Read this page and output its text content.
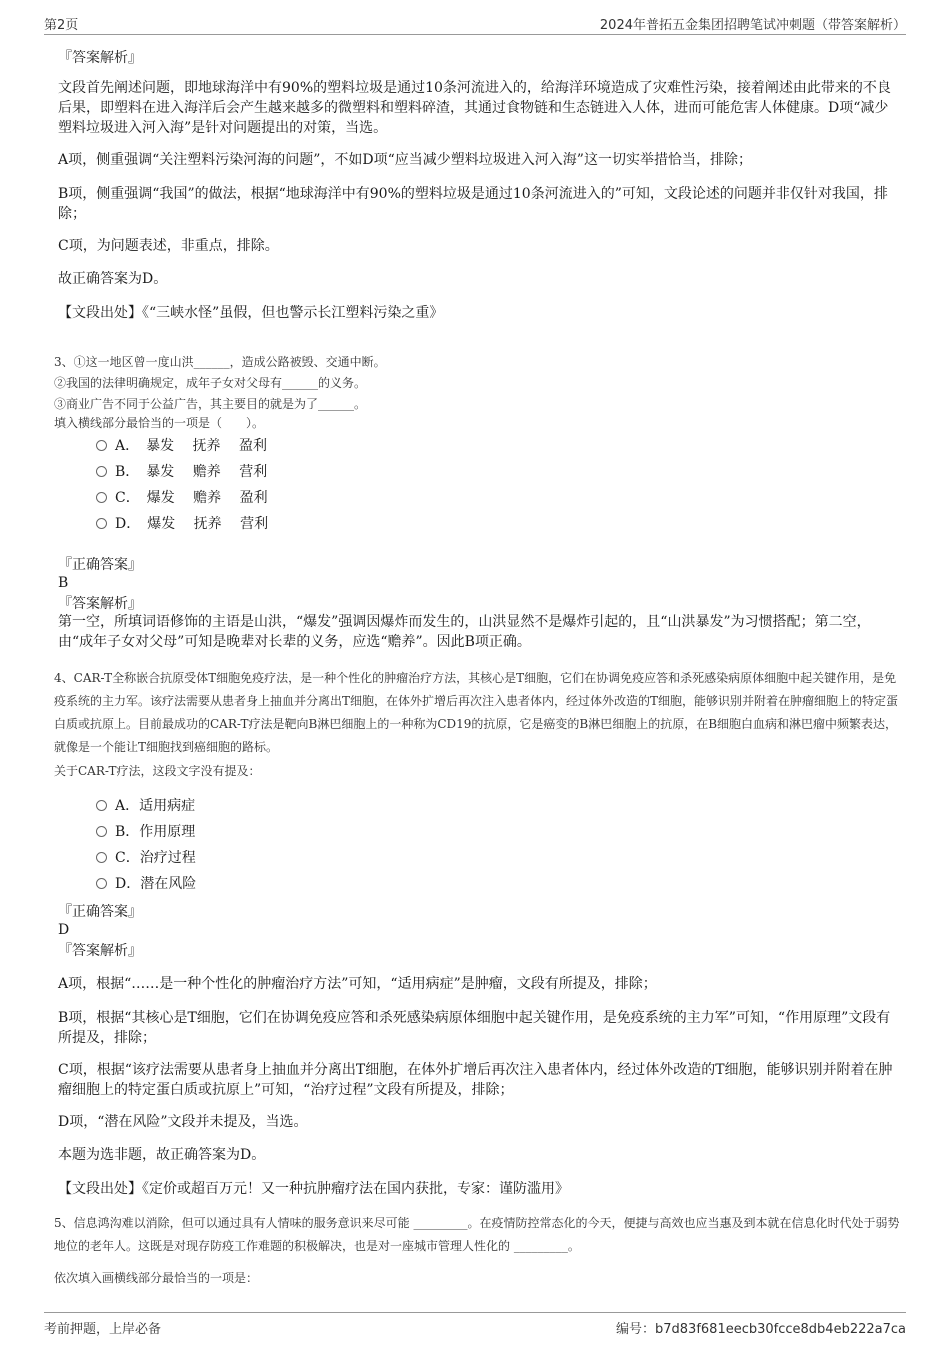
第2页	2024年普拓五金集团招聘笔试冲刺题（带答案解析）

『答案解析』

文段首先阐述问题，即地球海洋中有90%的塑料垃圾是通过10条河流进入的，给海洋环境造成了灾难性污染，接着阐述由此带来的不良后果，即塑料在进入海洋后会产生越来越多的微塑料和塑料碎渣，其通过食物链和生态链进入人体，进而可能危害人体健康。D项“减少塑料垃圾进入河入海”是针对问题提出的对策，当选。

A项，侧重强调“关注塑料污染河海的问题”，不如D项“应当减少塑料垃圾进入河入海”这一切实举措恰当，排除；

B项，侧重强调“我国”的做法，根据“地球海洋中有90%的塑料垃圾是通过10条河流进入的”可知，文段论述的问题并非仅针对我国，排除；

C项，为问题表述，非重点，排除。

故正确答案为D。

【文段出处】《“三峡水怪”虽假，但也警示长江塑料污染之重》

3、①这一地区曾一度山洪______，造成公路被毁、交通中断。

②我国的法律明确规定，成年子女对父母有______的义务。

③商业广告不同于公益广告，其主要目的就是为了______。

填入横线部分最恰当的一项是（　　）。

A．　暴发　 抚养　 盈利
B．　暴发　 赡养　 营利
C．　爆发　 赡养　 盈利
D．　爆发　 抚养　 营利

『正确答案』

B

『答案解析』

第一空，所填词语修饰的主语是山洪，“爆发”强调因爆炸而发生的，山洪显然不是爆炸引起的，且“山洪暴发”为习惯搭配；第二空，由“成年子女对父母”可知是晚辈对长辈的义务，应选“赡养”。因此B项正确。

4、CAR-T全称嵌合抗原受体T细胞免疫疗法，是一种个性化的肿瘤治疗方法，其核心是T细胞，它们在协调免疫应答和杀死感染病原体细胞中起关键作用，是免疫系统的主力军。该疗法需要从患者身上抽血并分离出T细胞，在体外扩增后再次注入患者体内，经过体外改造的T细胞，能够识别并附着在肿瘤细胞上的特定蛋白质或抗原上。目前最成功的CAR-T疗法是靶向B淋巴细胞上的一种称为CD19的抗原，它是癌变的B淋巴细胞上的抗原，在B细胞白血病和淋巴瘤中频繁表达，就像是一个能让T细胞找到癌细胞的路标。

关于CAR-T疗法，这段文字没有提及：

A．适用病症
B．作用原理
C．治疗过程
D．潜在风险

『正确答案』

D

『答案解析』

A项，根据“……是一种个性化的肿瘤治疗方法”可知，“适用病症”是肿瘤，文段有所提及，排除；

B项，根据“其核心是T细胞，它们在协调免疫应答和杀死感染病原体细胞中起关键作用，是免疫系统的主力军”可知，“作用原理”文段有所提及，排除；

C项，根据“该疗法需要从患者身上抽血并分离出T细胞，在体外扩增后再次注入患者体内，经过体外改造的T细胞，能够识别并附着在肿瘤细胞上的特定蛋白质或抗原上”可知，“治疗过程”文段有所提及，排除；

D项，“潜在风险”文段并未提及，当选。

本题为选非题，故正确答案为D。

【文段出处】《定价或超百万元！又一种抗肿瘤疗法在国内获批，专家：谨防滥用》

5、信息鸿沟难以消除，但可以通过具有人情味的服务意识来尽可能 _________。在疫情防控常态化的今天，便捷与高效也应当惠及到本就在信息化时代处于弱势地位的老年人。这既是对现存防疫工作难题的积极解决，也是对一座城市管理人性化的 _________。

依次填入画横线部分最恰当的一项是：

考前押题，上岸必备	编号：b7d83f681eecb30fcce8db4eb222a7ca
